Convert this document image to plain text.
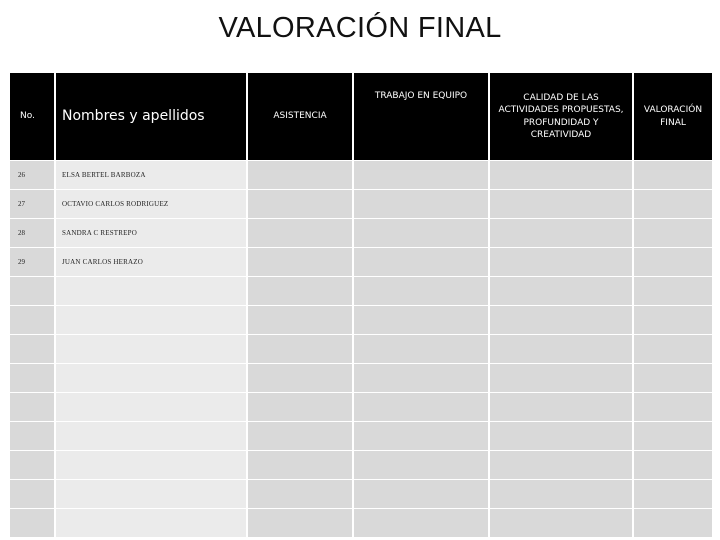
VALORACIÓN FINAL
No.	Nombres y apellidos	ASISTENCIA	TRABAJO EN EQUIPO	CALIDAD DE LAS ACTIVIDADES PROPUESTAS, PROFUNDIDAD Y CREATIVIDAD	VALORACIÓN FINAL
26	ELSA BERTEL BARBOZA				
27	OCTAVIO CARLOS RODRIGUEZ				
28	SANDRA C RESTREPO				
29	JUAN CARLOS HERAZO				
